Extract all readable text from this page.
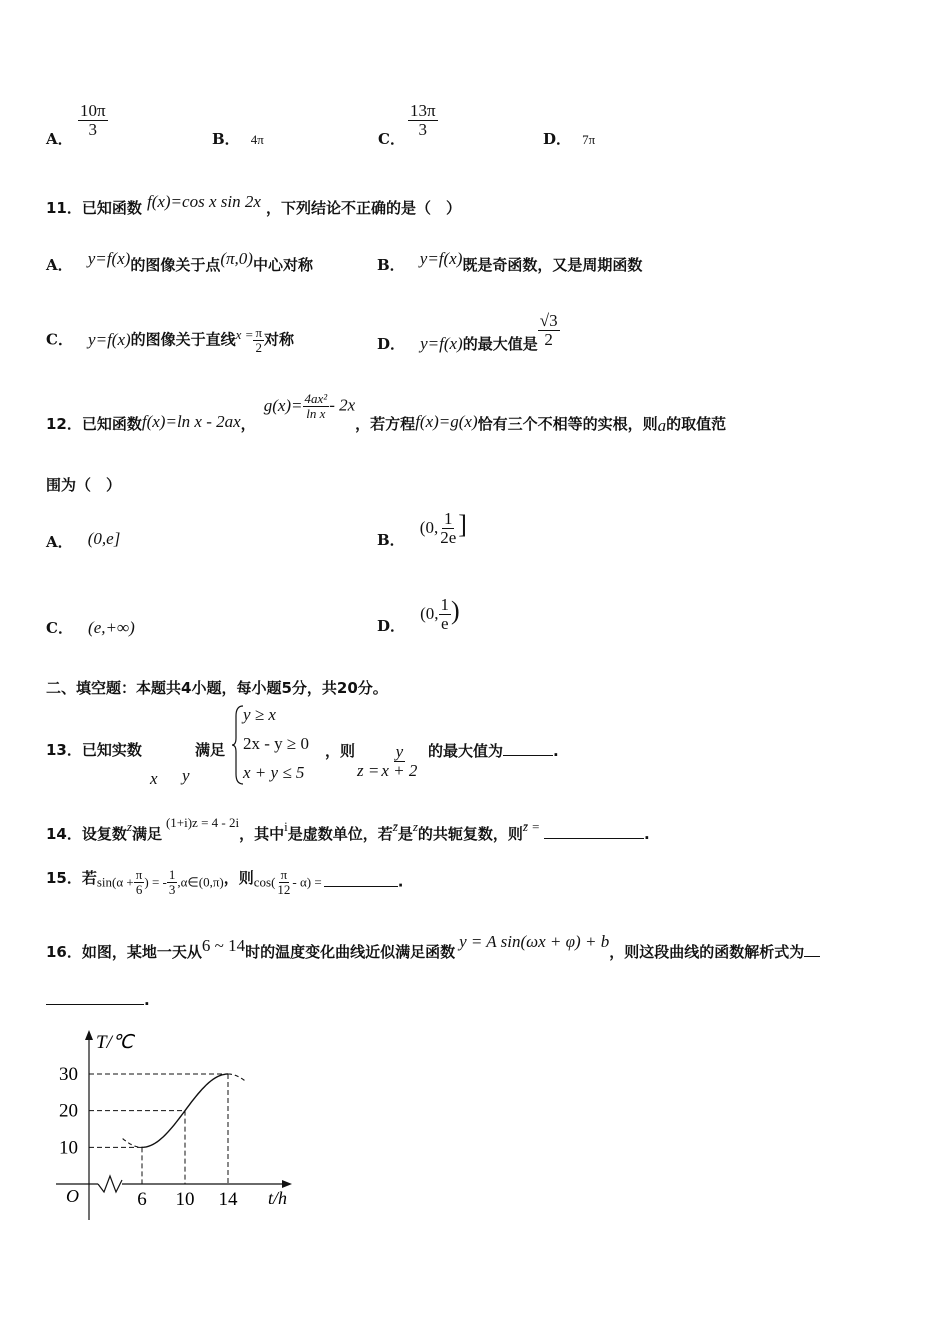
A．
$\frac{10\pi}{3}$
B． 4π	C．
$\frac{13\pi}{3}$
D． 7π
11．已知函数 f(x)=cos x sin 2x ，下列结论不正确的是（　）
A． y=f(x)的图像关于点(π,0)中心对称	B． y=f(x)既是奇函数，又是周期函数
C． y=f(x)的图像关于直线$^{x =} \frac{\pi}{2}$ 对称	D． y=f(x)的最大值是 $\frac{√3}{2}$
12．已知函数f(x)=ln x - 2ax，$g(x)= \frac{\text{4ax²}}{\text{ln x}} - 2x$，若方程f(x)=g(x)恰有三个不相等的实根，则a的取值范
围为（　）
A． (0,e]	B． (0, $\frac{1}{2e}$ ]
C． (e,+∞)	D． (0, $\frac{1}{e}$ )
二、填空题：本题共4小题，每小题5分，共20分。
13．已知实数
x y
满足
y ≥ x
2x - y ≥ 0
x + y ≤ 5
，则
$z = \frac{y}{x + 2}$ 的最大值为	.
14．设复数$^z$满足$^{(1+i)z = 4 - 2i}$，其中$^i$是虚数单位，若$^{z̄}$是$^z$的共轭复数，则$^{z̄ =}$	.
15．若$\sin(\alpha + \frac{\pi}{6}$ ) = - $\frac{1}{3}$ ,α∈(0,π)，则$\cos( \frac{\pi}{12} - \alpha)$ =	.
16．如图，某地一天从6 ~ 14时的温度变化曲线近似满足函数y = A sin(ωx + φ) + b，则这段曲线的函数解析式为
.
T/℃
t/h
O
30
20
10
6 10 14
